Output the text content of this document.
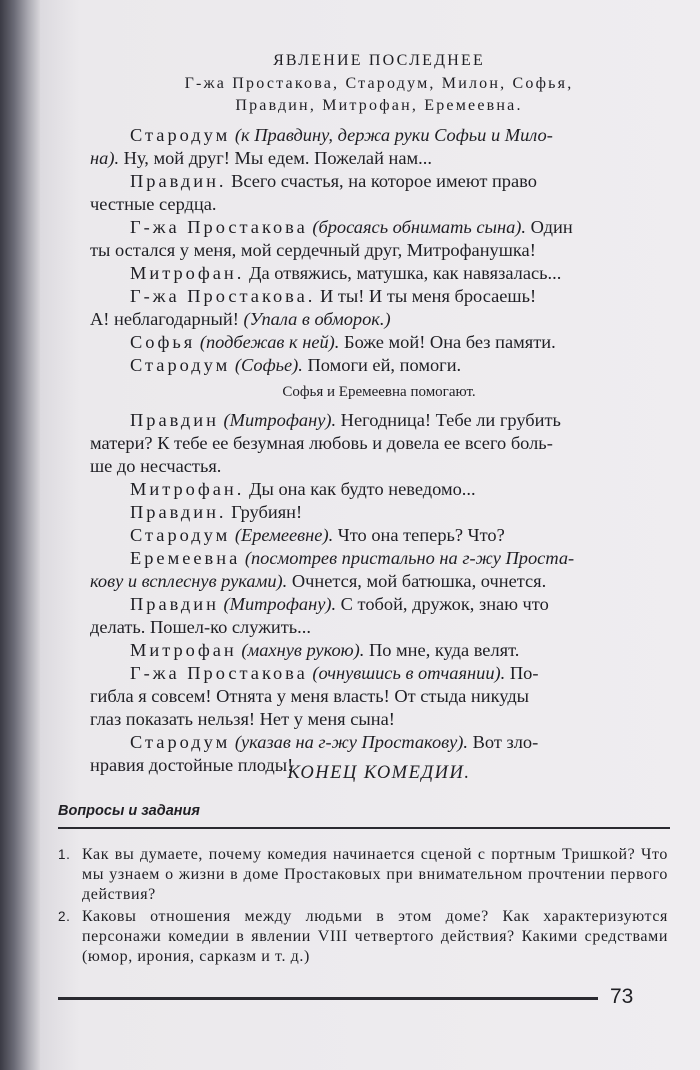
ЯВЛЕНИЕ ПОСЛЕДНЕЕ
Г-жа Простакова, Стародум, Милон, Софья,
Правдин, Митрофан, Еремеевна.
Стародум (к Правдину, держа руки Софьи и Мило-
на). Ну, мой друг! Мы едем. Пожелай нам...
Правдин. Всего счастья, на которое имеют право
честные сердца.
Г-жа Простакова (бросаясь обнимать сына). Один
ты остался у меня, мой сердечный друг, Митрофанушка!
Митрофан. Да отвяжись, матушка, как навязалась...
Г-жа Простакова. И ты! И ты меня бросаешь!
А! неблагодарный! (Упала в обморок.)
Софья (подбежав к ней). Боже мой! Она без памяти.
Стародум (Софье). Помоги ей, помоги.
Софья и Еремеевна помогают.
Правдин (Митрофану). Негодница! Тебе ли грубить
матери? К тебе ее безумная любовь и довела ее всего боль-
ше до несчастья.
Митрофан. Ды она как будто неведомо...
Правдин. Грубиян!
Стародум (Еремеевне). Что она теперь? Что?
Еремеевна (посмотрев пристально на г-жу Проста-
кову и всплеснув руками). Очнется, мой батюшка, очнется.
Правдин (Митрофану). С тобой, дружок, знаю что
делать. Пошел-ко служить...
Митрофан (махнув рукою). По мне, куда велят.
Г-жа Простакова (очнувшись в отчаянии). По-
гибла я совсем! Отнята у меня власть! От стыда никуды
глаз показать нельзя! Нет у меня сына!
Стародум (указав на г-жу Простакову). Вот зло-
нравия достойные плоды!
КОНЕЦ КОМЕДИИ.
Вопросы и задания
1. Как вы думаете, почему комедия начинается сценой с портным Тришкой? Что мы узнаем о жизни в доме Простаковых при внимательном прочтении первого действия?
2. Каковы отношения между людьми в этом доме? Как характеризуются персонажи комедии в явлении VIII четвертого действия? Какими средствами (юмор, ирония, сарказм и т. д.)
73
